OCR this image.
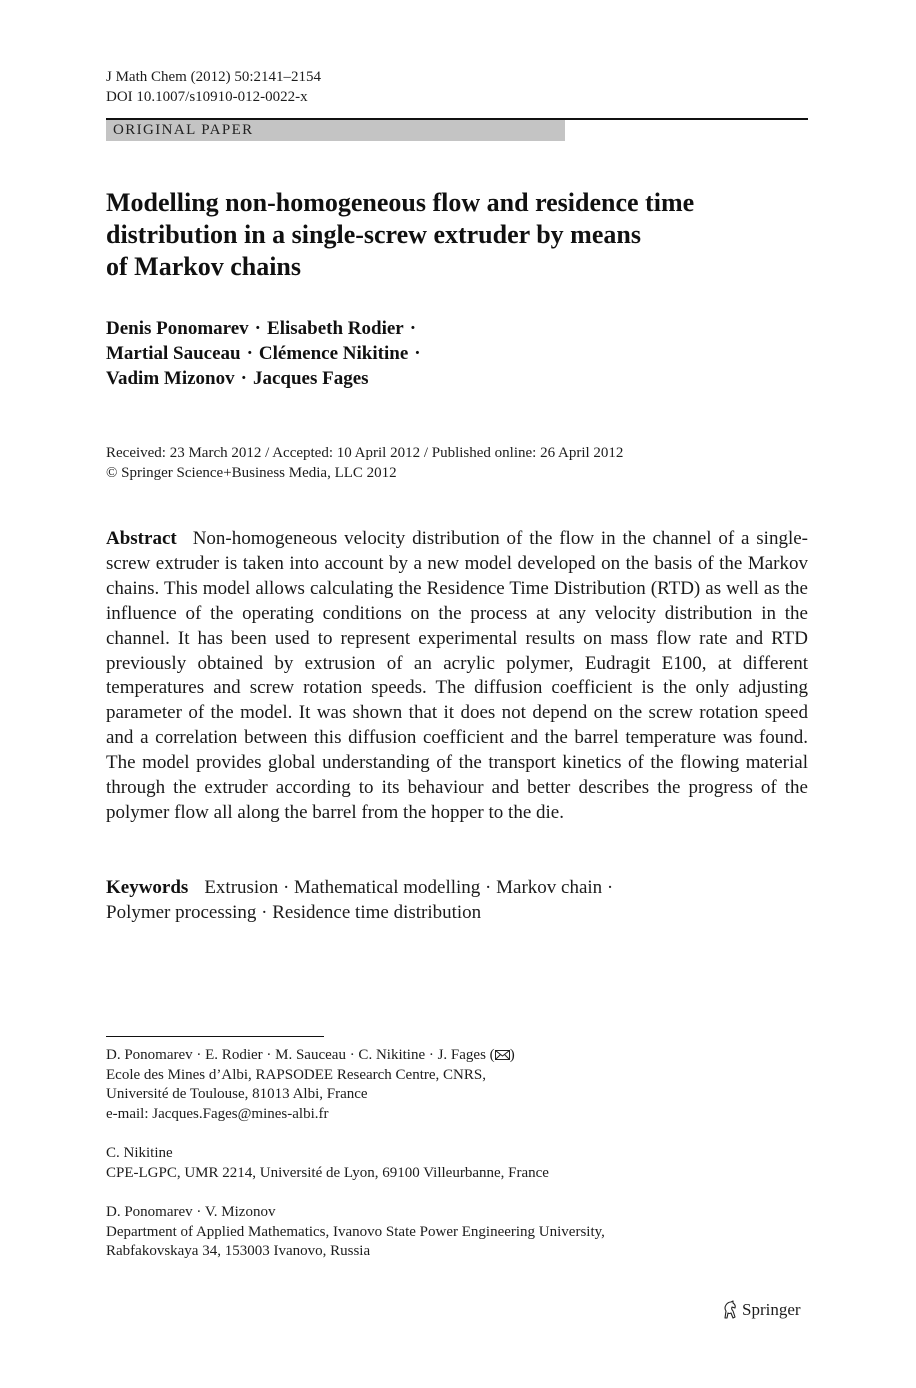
J Math Chem (2012) 50:2141–2154
DOI 10.1007/s10910-012-0022-x
ORIGINAL PAPER
Modelling non-homogeneous flow and residence time
distribution in a single-screw extruder by means
of Markov chains
Denis Ponomarev · Elisabeth Rodier ·
Martial Sauceau · Clémence Nikitine ·
Vadim Mizonov · Jacques Fages
Received: 23 March 2012 / Accepted: 10 April 2012 / Published online: 26 April 2012
© Springer Science+Business Media, LLC 2012
Abstract Non-homogeneous velocity distribution of the flow in the channel of a single-screw extruder is taken into account by a new model developed on the basis of the Markov chains. This model allows calculating the Residence Time Distribution (RTD) as well as the influence of the operating conditions on the process at any velocity distribution in the channel. It has been used to represent experimental results on mass flow rate and RTD previously obtained by extrusion of an acrylic polymer, Eudragit E100, at different temperatures and screw rotation speeds. The diffusion coefficient is the only adjusting parameter of the model. It was shown that it does not depend on the screw rotation speed and a correlation between this diffusion coefficient and the barrel temperature was found. The model provides global understanding of the transport kinetics of the flowing material through the extruder according to its behaviour and better describes the progress of the polymer flow all along the barrel from the hopper to the die.
Keywords Extrusion · Mathematical modelling · Markov chain ·
Polymer processing · Residence time distribution
D. Ponomarev · E. Rodier · M. Sauceau · C. Nikitine · J. Fages ( )
Ecole des Mines d’Albi, RAPSODEE Research Centre, CNRS,
Université de Toulouse, 81013 Albi, France
e-mail: Jacques.Fages@mines-albi.fr
C. Nikitine
CPE-LGPC, UMR 2214, Université de Lyon, 69100 Villeurbanne, France
D. Ponomarev · V. Mizonov
Department of Applied Mathematics, Ivanovo State Power Engineering University,
Rabfakovskaya 34, 153003 Ivanovo, Russia
Springer
